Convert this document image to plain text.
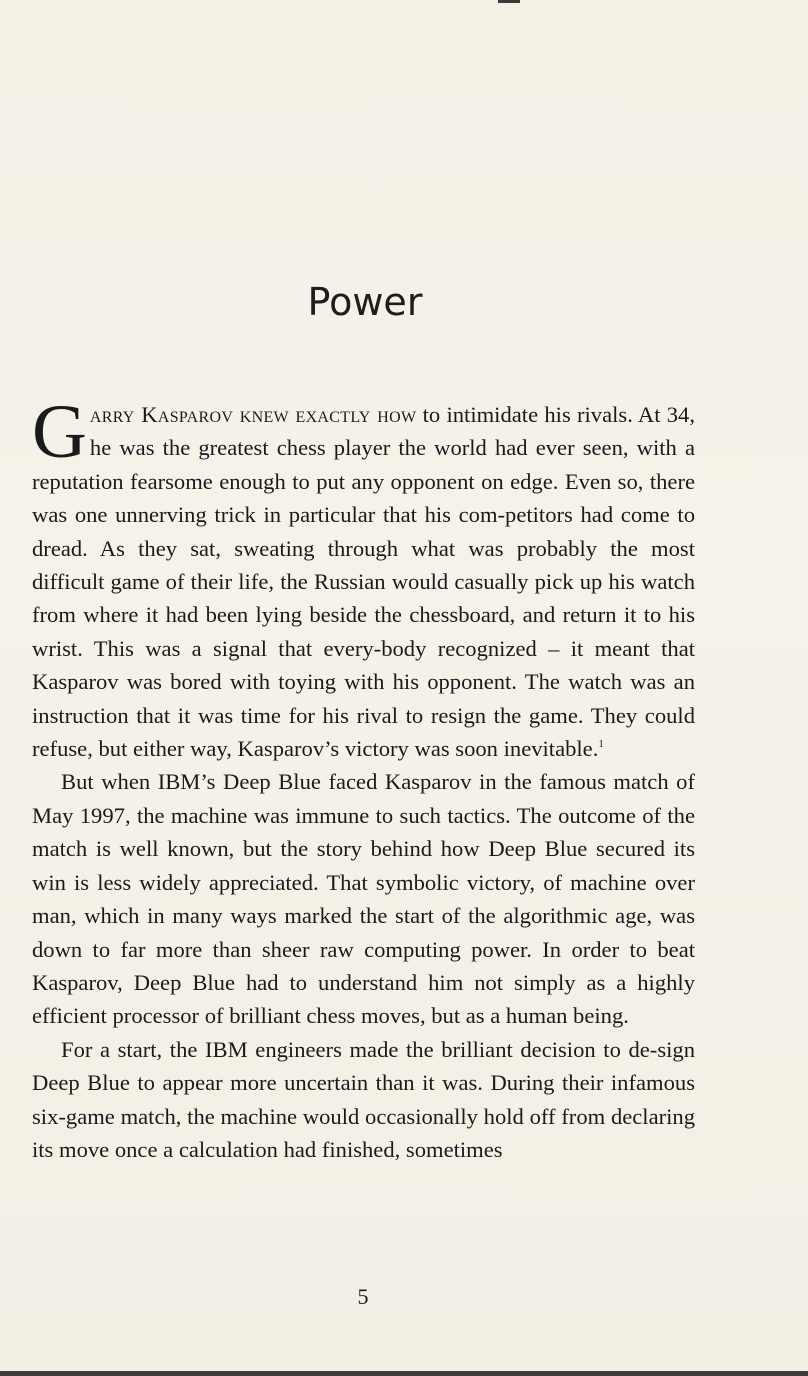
Power

Garry Kasparov knew exactly how to intimidate his rivals. At 34, he was the greatest chess player the world had ever seen, with a reputation fearsome enough to put any opponent on edge. Even so, there was one unnerving trick in particular that his com-petitors had come to dread. As they sat, sweating through what was probably the most difficult game of their life, the Russian would casually pick up his watch from where it had been lying beside the chessboard, and return it to his wrist. This was a signal that every-body recognized – it meant that Kasparov was bored with toying with his opponent. The watch was an instruction that it was time for his rival to resign the game. They could refuse, but either way, Kasparov’s victory was soon inevitable.$^1$

But when IBM’s Deep Blue faced Kasparov in the famous match of May 1997, the machine was immune to such tactics. The outcome of the match is well known, but the story behind how Deep Blue secured its win is less widely appreciated. That symbolic victory, of machine over man, which in many ways marked the start of the algorithmic age, was down to far more than sheer raw computing power. In order to beat Kasparov, Deep Blue had to understand him not simply as a highly efficient processor of brilliant chess moves, but as a human being.

For a start, the IBM engineers made the brilliant decision to de-sign Deep Blue to appear more uncertain than it was. During their infamous six-game match, the machine would occasionally hold off from declaring its move once a calculation had finished, sometimes

5
